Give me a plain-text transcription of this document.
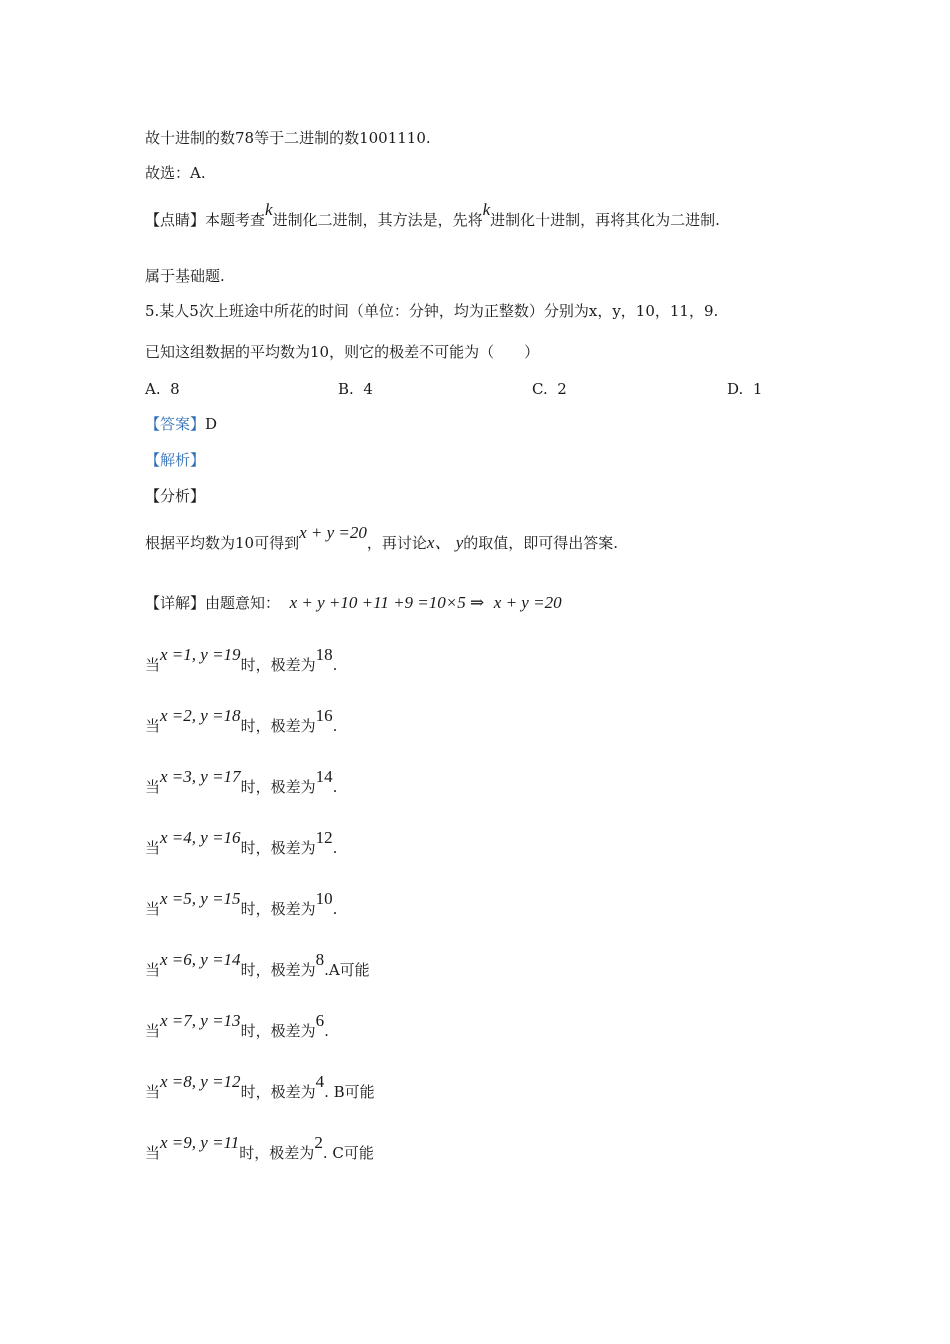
故十进制的数78等于二进制的数1001110.
故选：A.
【点睛】本题考查k进制化二进制，其方法是，先将k进制化十进制，再将其化为二进制.
属于基础题.
5.某人5次上班途中所花的时间（单位：分钟，均为正整数）分别为x，y，10，11，9.
已知这组数据的平均数为10，则它的极差不可能为（　　）
A. 8	B. 4	C. 2	D. 1
【答案】D
【解析】
【分析】
根据平均数为10可得到x + y =20，再讨论x、 y的取值，即可得出答案.
【详解】由题意知： x + y +10 +11 +9 =10×5 ⇒ x + y =20
当x =1, y =19时，极差为18.
当x =2, y =18时，极差为16.
当x =3, y =17时，极差为14.
当x =4, y =16时，极差为12.
当x =5, y =15时，极差为10.
当x =6, y =14时，极差为8.A可能
当x =7, y =13时，极差为6.
当x =8, y =12时，极差为4. B可能
当x =9, y =11时，极差为2. C可能
